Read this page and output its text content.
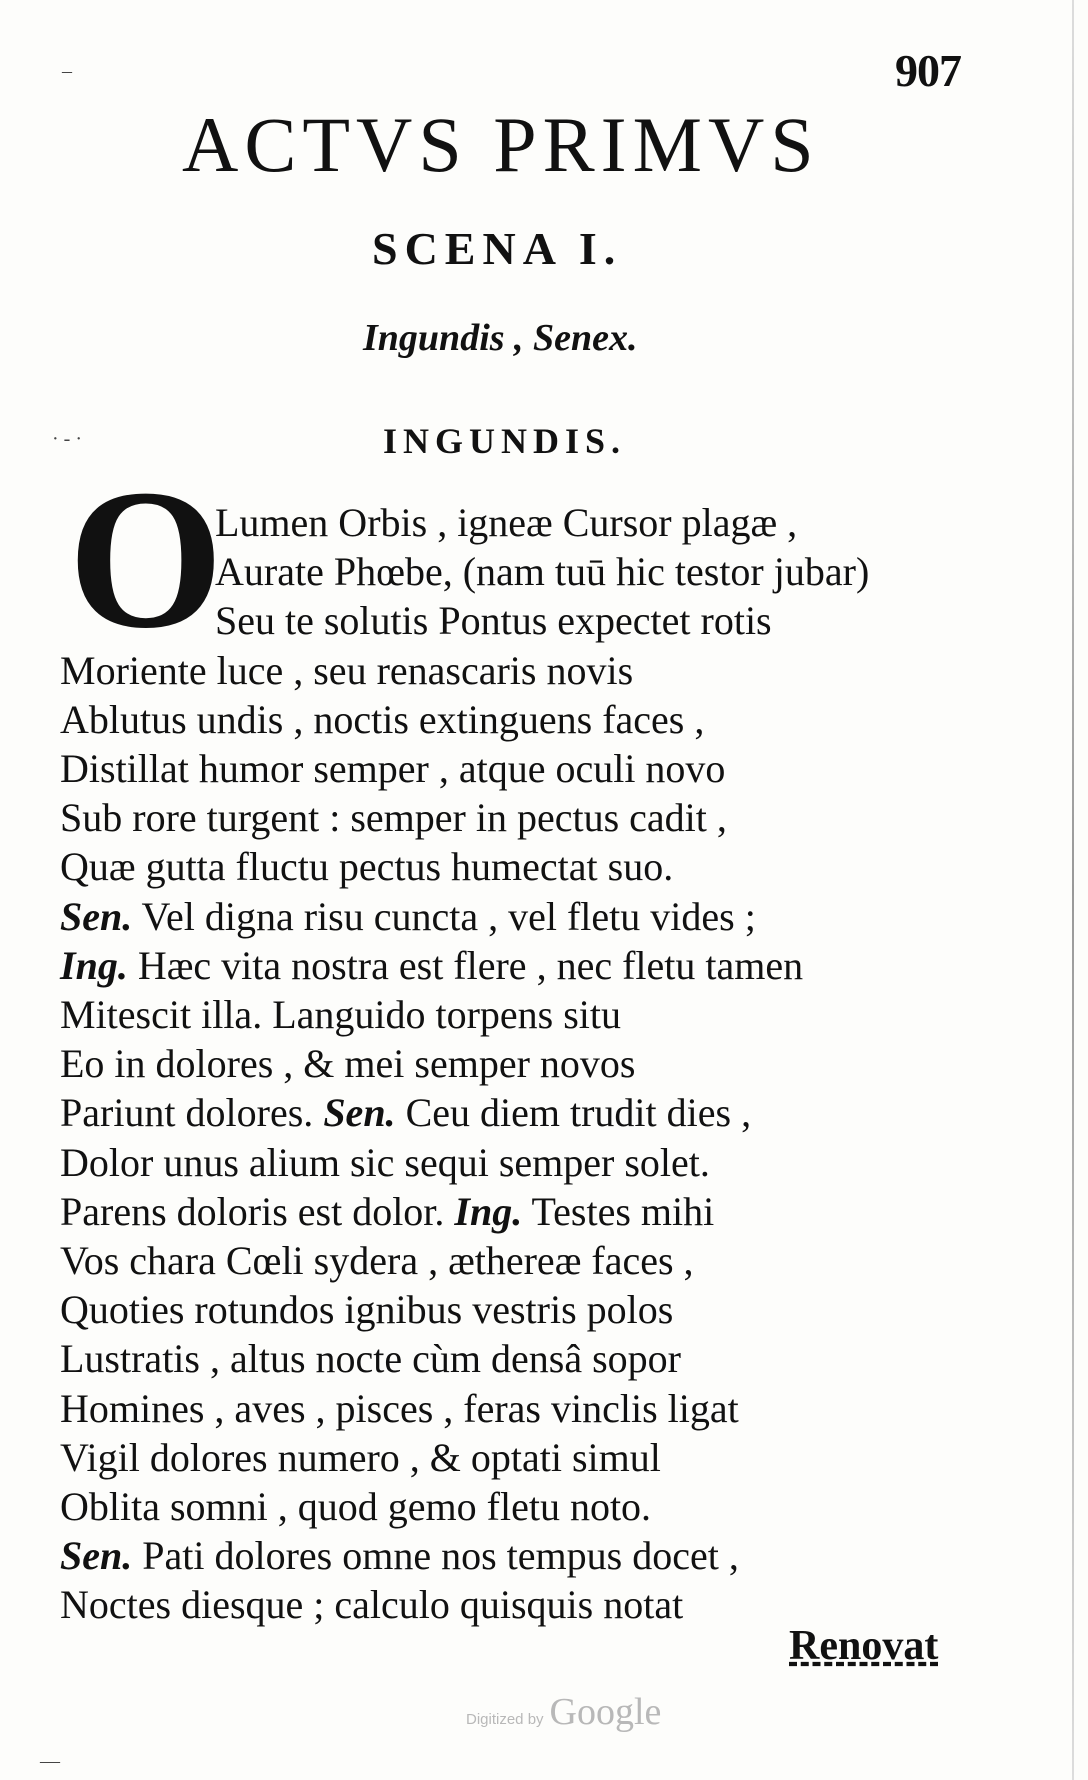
907
ACTVS PRIMVS
SCENA I.
Ingundis , Senex.
INGUNDIS.
O
Lumen Orbis , igneæ Cursor plagæ ,
Aurate Phœbe, (nam tuū hic testor jubar)
Seu te solutis Pontus expectet rotis
Moriente luce , seu renascaris novis
Ablutus undis , noctis extinguens faces ,
Distillat humor semper , atque oculi novo
Sub rore turgent : semper in pectus cadit ,
Quæ gutta fluctu pectus humectat suo.
Sen. Vel digna risu cuncta , vel fletu vides ;
Ing. Hæc vita nostra est flere , nec fletu tamen
Mitescit illa. Languido torpens situ
Eo in dolores , & mei semper novos
Pariunt dolores. Sen. Ceu diem trudit dies ,
Dolor unus alium sic sequi semper solet.
Parens doloris est dolor. Ing. Testes mihi
Vos chara Cœli sydera , æthereæ faces ,
Quoties rotundos ignibus vestris polos
Lustratis , altus nocte cùm densâ sopor
Homines , aves , pisces , feras vinclis ligat
Vigil dolores numero , & optati simul
Oblita somni , quod gemo fletu noto.
Sen. Pati dolores omne nos tempus docet ,
Noctes diesque ; calculo quisquis notat
Renovat
Digitized by Google
–
· - ·
—
